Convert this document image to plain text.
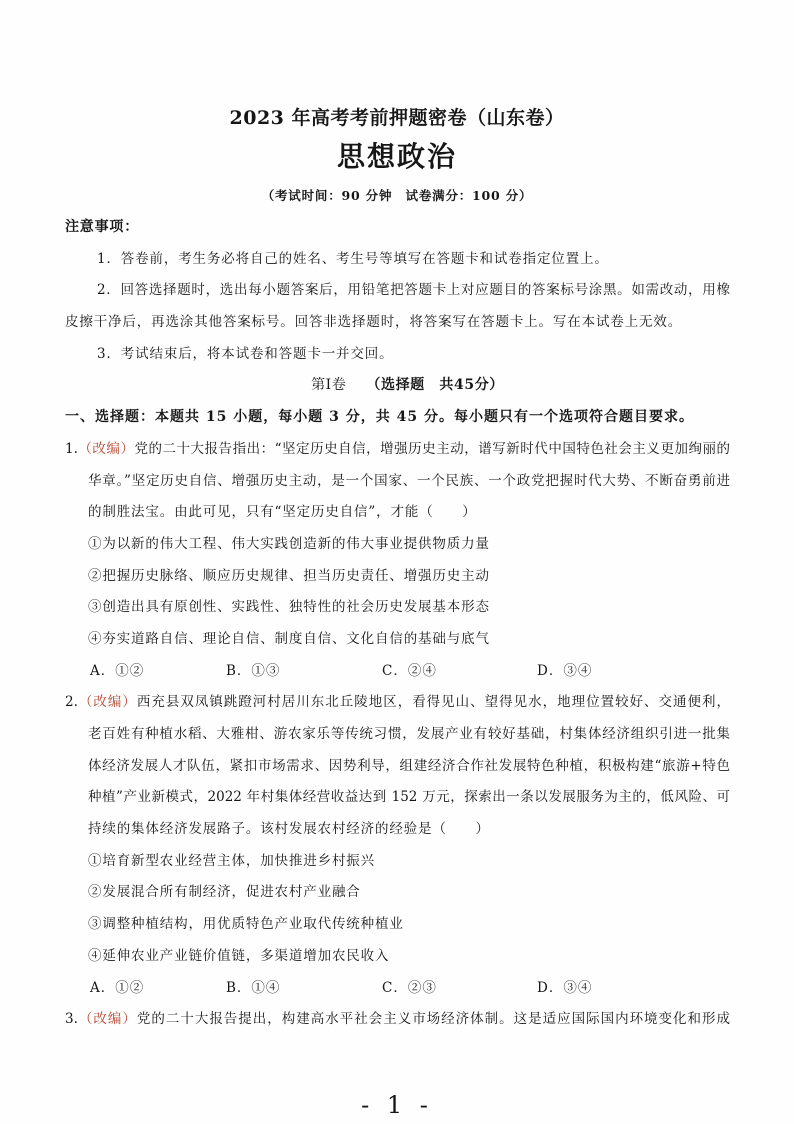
2023 年高考考前押题密卷（山东卷）
思想政治
（考试时间：90 分钟　试卷满分：100 分）
注意事项：
1．答卷前，考生务必将自己的姓名、考生号等填写在答题卡和试卷指定位置上。
2．回答选择题时，选出每小题答案后，用铅笔把答题卡上对应题目的答案标号涂黑。如需改动，用橡
皮擦干净后，再选涂其他答案标号。回答非选择题时，将答案写在答题卡上。写在本试卷上无效。
3．考试结束后，将本试卷和答题卡一并交回。
第Ⅰ卷 （选择题　共45分）
一、选择题：本题共 15 小题，每小题 3 分，共 45 分。每小题只有一个选项符合题目要求。
1.（改编）党的二十大报告指出：“坚定历史自信，增强历史主动，谱写新时代中国特色社会主义更加绚丽的
华章。”坚定历史自信、增强历史主动，是一个国家、一个民族、一个政党把握时代大势、不断奋勇前进
的制胜法宝。由此可见，只有“坚定历史自信”，才能（　　）
①为以新的伟大工程、伟大实践创造新的伟大事业提供物质力量
②把握历史脉络、顺应历史规律、担当历史责任、增强历史主动
③创造出具有原创性、实践性、独特性的社会历史发展基本形态
④夯实道路自信、理论自信、制度自信、文化自信的基础与底气
A．①②	B．①③	C．②④	D．③④
2.（改编）西充县双凤镇跳蹬河村居川东北丘陵地区，看得见山、望得见水，地理位置较好、交通便利，
老百姓有种植水稻、大雅柑、游农家乐等传统习惯，发展产业有较好基础，村集体经济组织引进一批集
体经济发展人才队伍，紧扣市场需求、因势利导，组建经济合作社发展特色种植，积极构建“旅游+特色
种植”产业新模式，2022 年村集体经营收益达到 152 万元，探索出一条以发展服务为主的，低风险、可
持续的集体经济发展路子。该村发展农村经济的经验是（　　）
①培育新型农业经营主体，加快推进乡村振兴
②发展混合所有制经济，促进农村产业融合
③调整种植结构，用优质特色产业取代传统种植业
④延伸农业产业链价值链，多渠道增加农民收入
A．①②	B．①④	C．②③	D．③④
3.（改编）党的二十大报告提出，构建高水平社会主义市场经济体制。这是适应国际国内环境变化和形成
- 1 -
